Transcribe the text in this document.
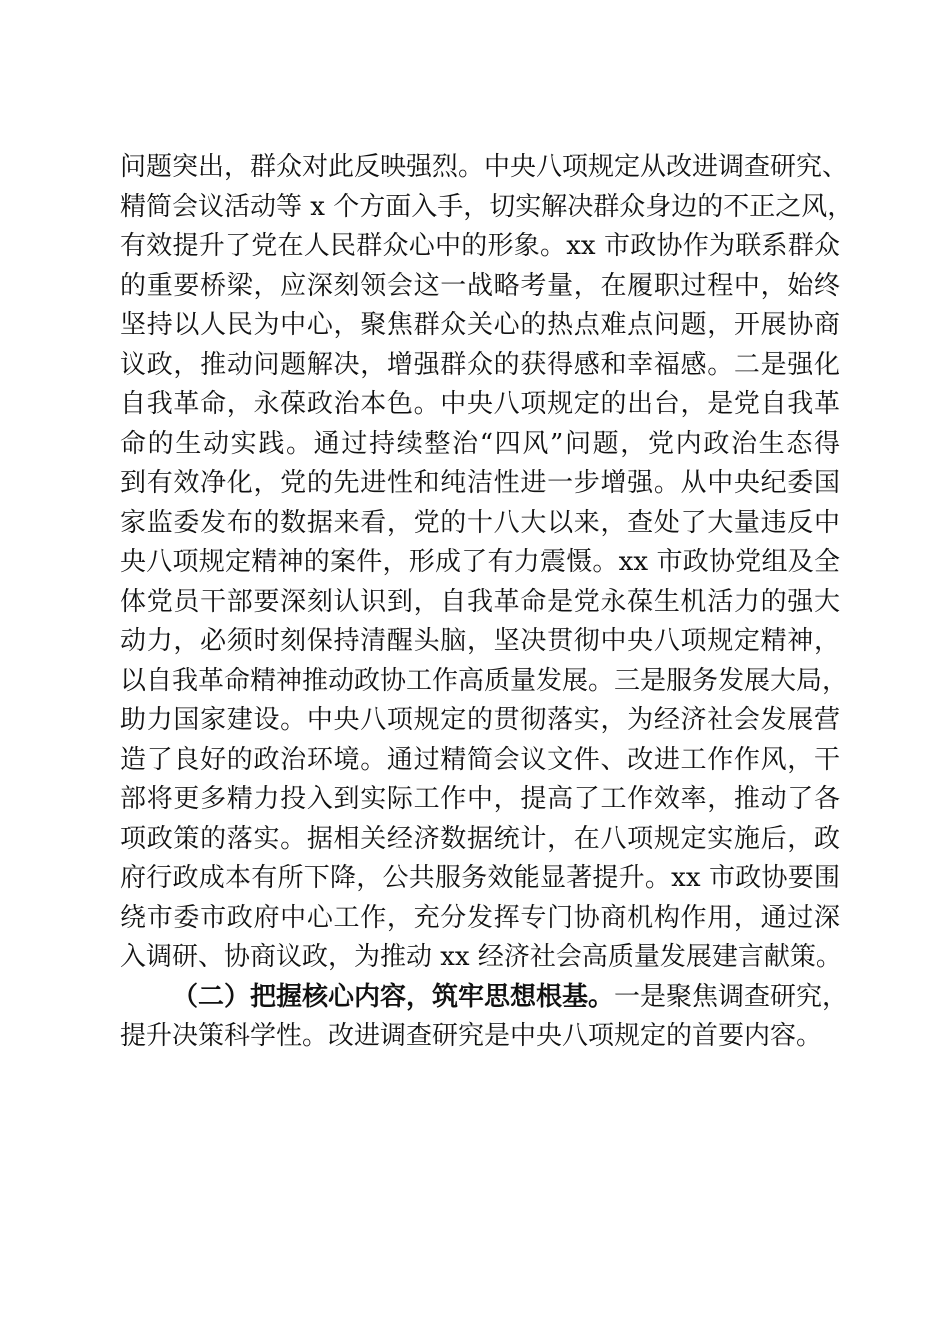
问题突出，群众对此反映强烈。中央八项规定从改进调查研究、
精简会议活动等 x 个方面入手，切实解决群众身边的不正之风，
有效提升了党在人民群众心中的形象。xx 市政协作为联系群众
的重要桥梁，应深刻领会这一战略考量，在履职过程中，始终
坚持以人民为中心，聚焦群众关心的热点难点问题，开展协商
议政，推动问题解决，增强群众的获得感和幸福感。二是强化
自我革命，永葆政治本色。中央八项规定的出台，是党自我革
命的生动实践。通过持续整治“四风”问题，党内政治生态得
到有效净化，党的先进性和纯洁性进一步增强。从中央纪委国
家监委发布的数据来看，党的十八大以来，查处了大量违反中
央八项规定精神的案件，形成了有力震慑。xx 市政协党组及全
体党员干部要深刻认识到，自我革命是党永葆生机活力的强大
动力，必须时刻保持清醒头脑，坚决贯彻中央八项规定精神，
以自我革命精神推动政协工作高质量发展。三是服务发展大局，
助力国家建设。中央八项规定的贯彻落实，为经济社会发展营
造了良好的政治环境。通过精简会议文件、改进工作作风，干
部将更多精力投入到实际工作中，提高了工作效率，推动了各
项政策的落实。据相关经济数据统计，在八项规定实施后，政
府行政成本有所下降，公共服务效能显著提升。xx 市政协要围
绕市委市政府中心工作，充分发挥专门协商机构作用，通过深
入调研、协商议政，为推动 xx 经济社会高质量发展建言献策。
（二）把握核心内容，筑牢思想根基。一是聚焦调查研究，
提升决策科学性。改进调查研究是中央八项规定的首要内容。
